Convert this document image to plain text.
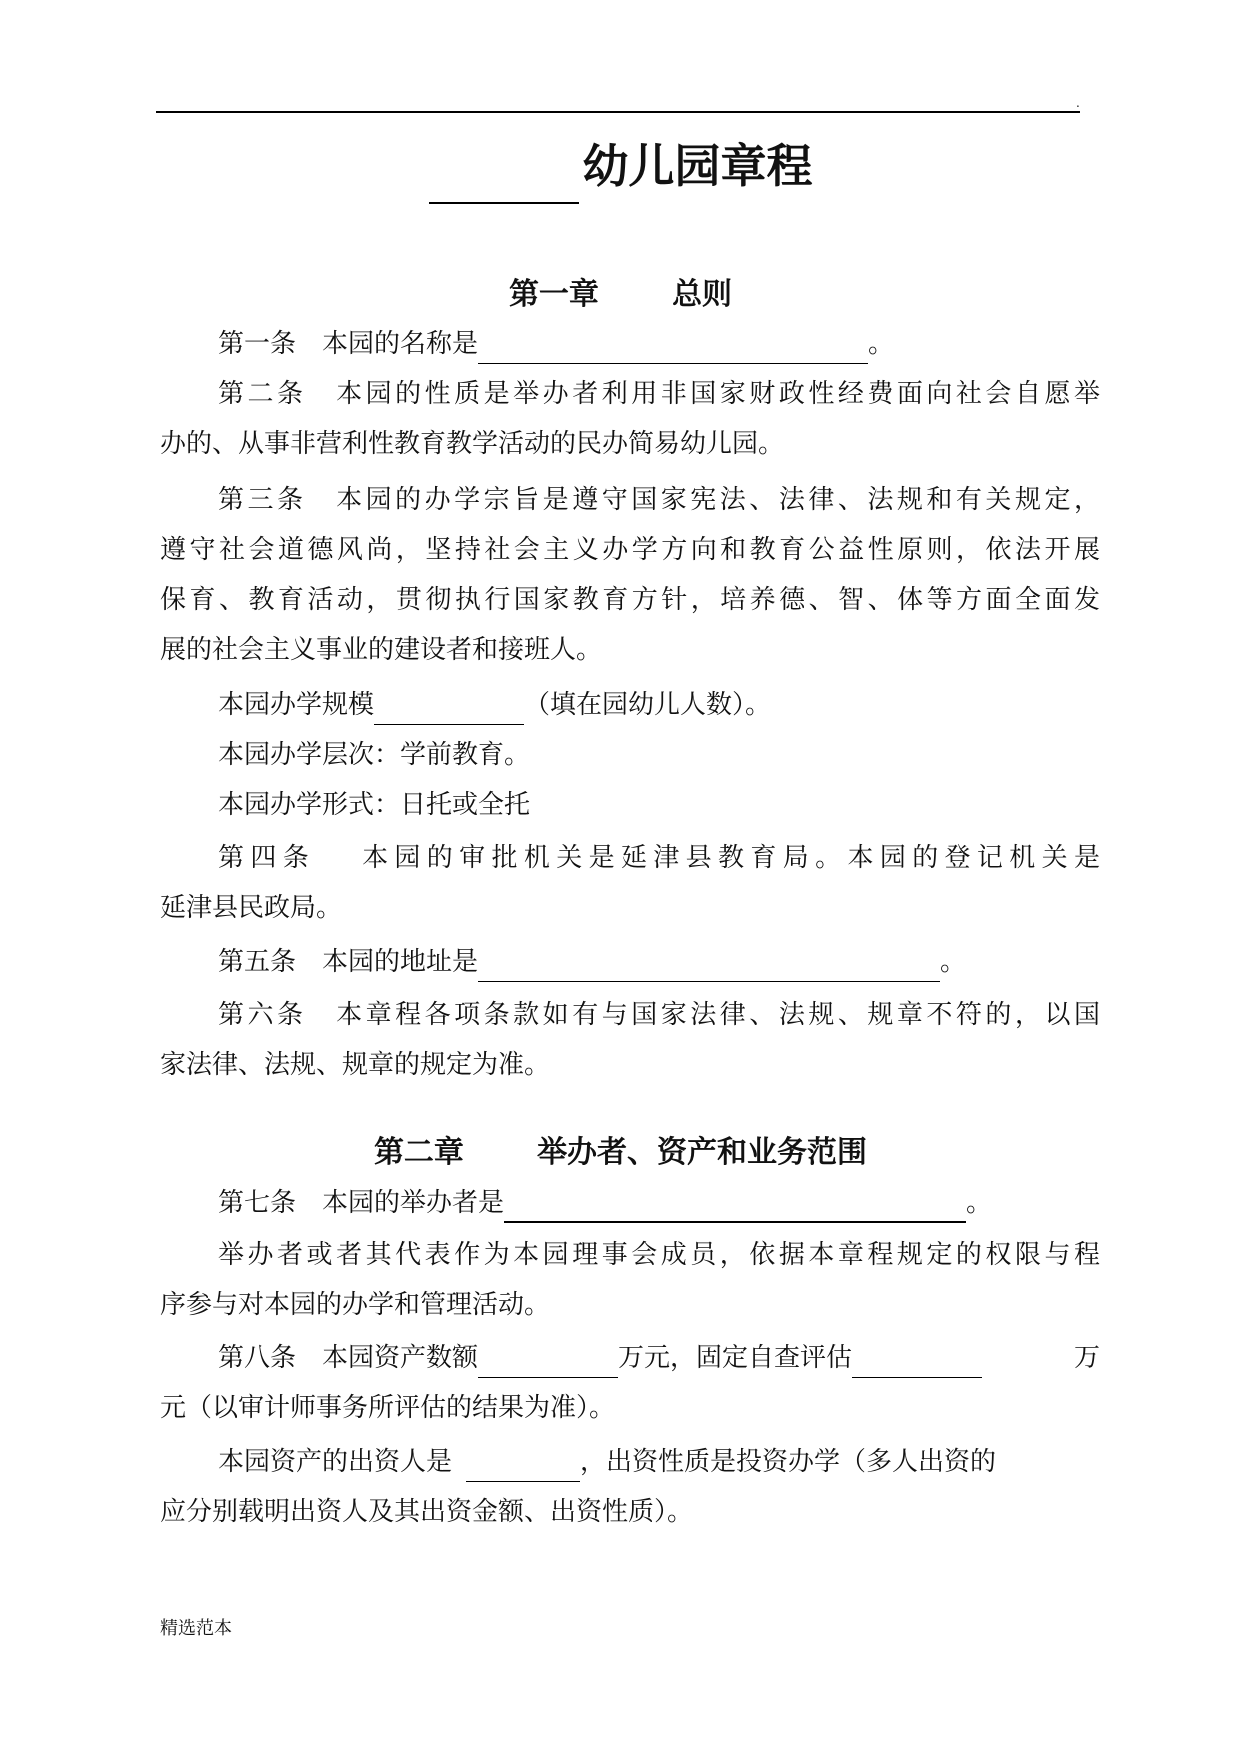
.
幼儿园章程
第一章 总则
第一条　 本园的名称是	。
第二条　本园的性质是举办者利用非国家财政性经费面向社会自愿举
办的、从事非营利性教育教学活动的民办简易幼儿园。
第三条　本园的办学宗旨是遵守国家宪法、法律、法规和有关规定，
遵守社会道德风尚，坚持社会主义办学方向和教育公益性原则，依法开展
保育、教育活动，贯彻执行国家教育方针，培养德、智、体等方面全面发
展的社会主义事业的建设者和接班人。
本园办学规模	（填在园幼儿人数）。
本园办学层次：学前教育。
本园办学形式：日托或全托
第四条　 本园的审批机关是延津县教育局。本园的登记机关是
延津县民政局。
第五条　 本园的地址是	。
第六条　本章程各项条款如有与国家法律、法规、规章不符的，以国
家法律、法规、规章的规定为准。
第二章 举办者、资产和业务范围
第七条　 本园的举办者是	。
举办者或者其代表作为本园理事会成员，依据本章程规定的权限与程
序参与对本园的办学和管理活动。
第八条　 本园资产数额	万元，固定自查评估	万
元（以审计师事务所评估的结果为准）。
本园资产的出资人是	，出资性质是投资办学（多人出资的
应分别载明出资人及其出资金额、出资性质）。
精选范本
